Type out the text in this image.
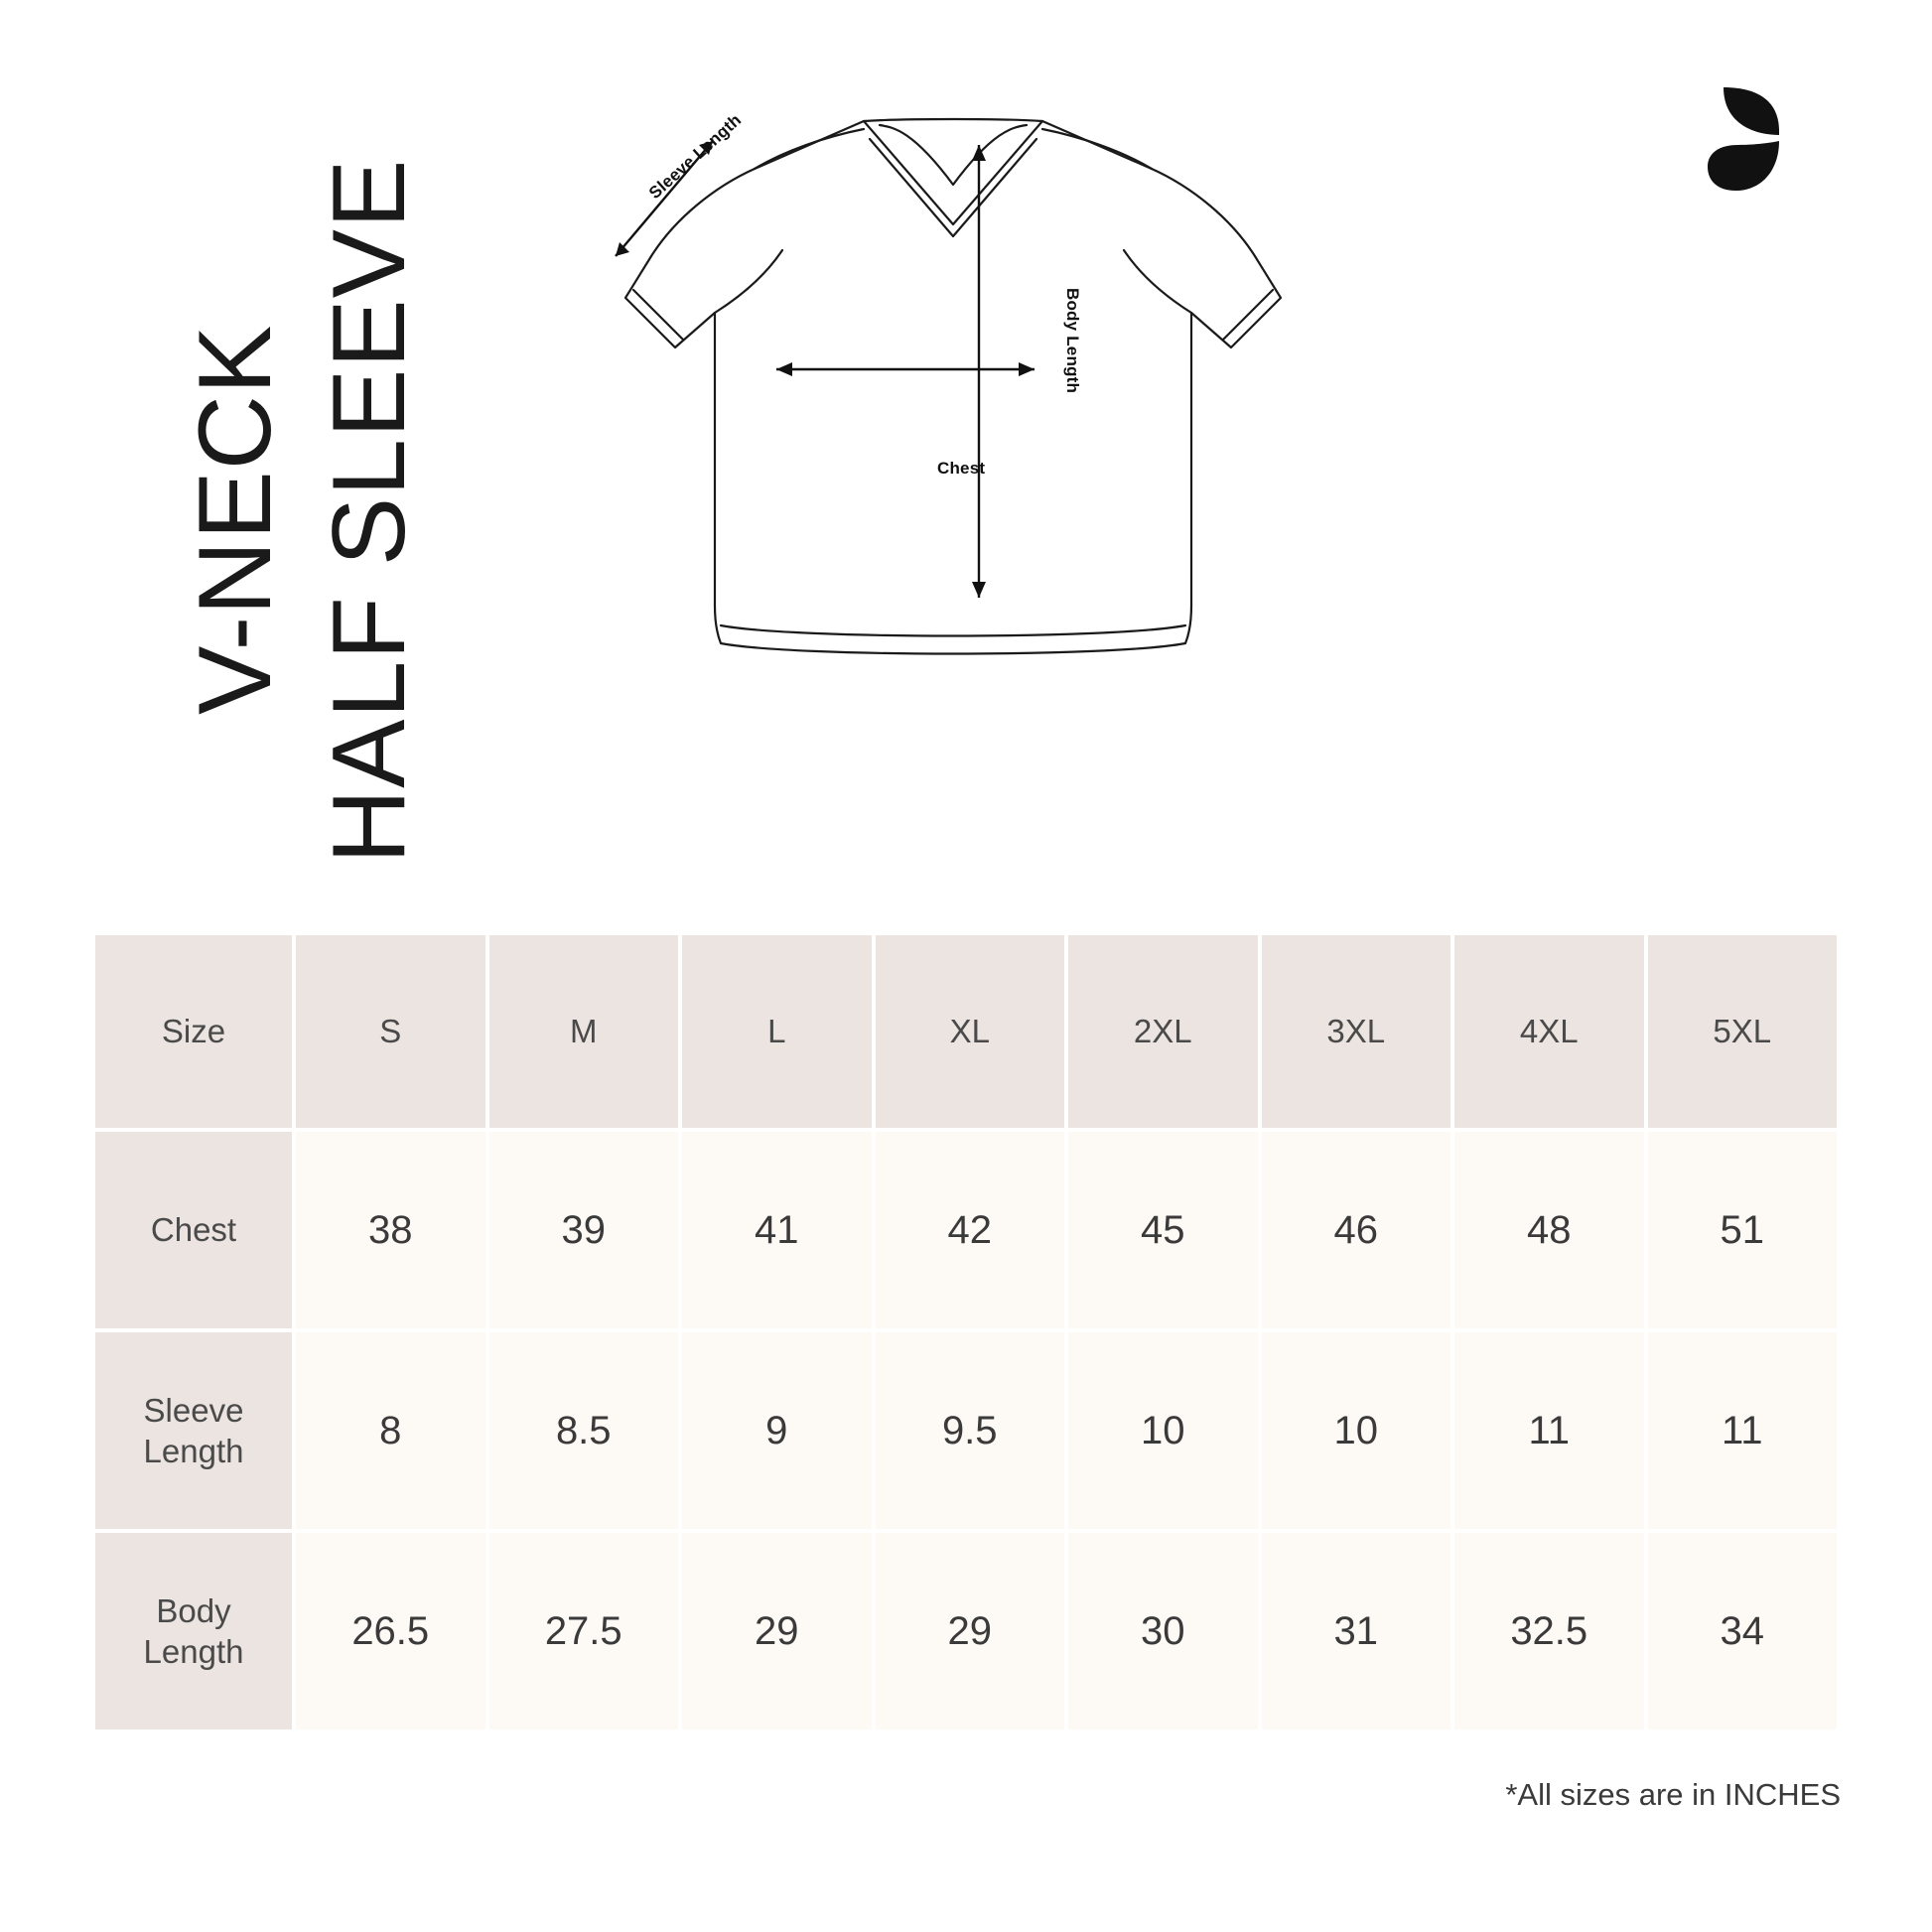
V-NECK HALF SLEEVE
Sleeve Length
Body Length
Chest
Size	S	M	L	XL	2XL	3XL	4XL	5XL
Chest	38	39	41	42	45	46	48	51
Sleeve
Length	8	8.5	9	9.5	10	10	11	11
Body
Length	26.5	27.5	29	29	30	31	32.5	34
*All sizes are in INCHES
